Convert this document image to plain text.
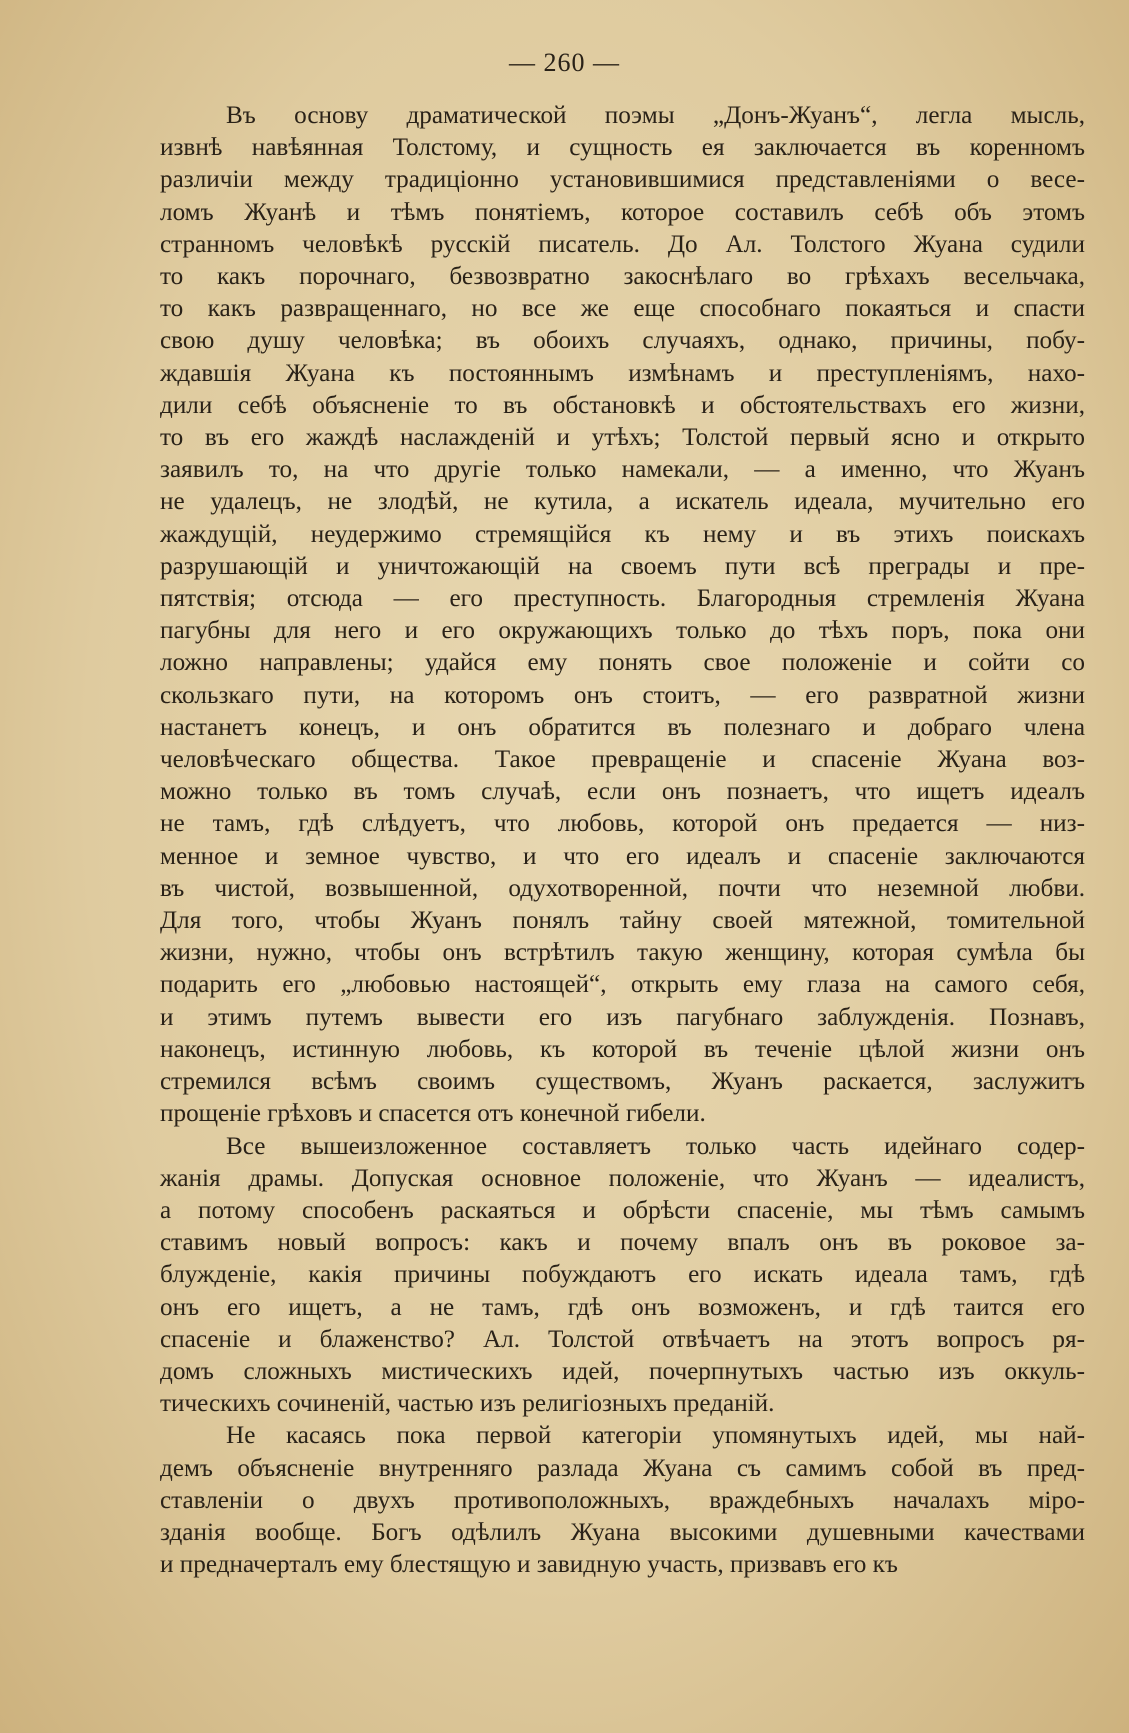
— 260 —
Въ основу драматической поэмы „Донъ-Жуанъ“, легла мысль,
извнѣ навѣянная Толстому, и сущность ея заключается въ коренномъ
различіи между традиціонно установившимися представленіями о весе-
ломъ Жуанѣ и тѣмъ понятіемъ, которое составилъ себѣ объ этомъ
странномъ человѣкѣ русскій писатель. До Ал. Толстого Жуана судили
то какъ порочнаго, безвозвратно закоснѣлаго во грѣхахъ весельчака,
то какъ развращеннаго, но все же еще способнаго покаяться и спасти
свою душу человѣка; въ обоихъ случаяхъ, однако, причины, побу-
ждавшія Жуана къ постояннымъ измѣнамъ и преступленіямъ, нахо-
дили себѣ объясненіе то въ обстановкѣ и обстоятельствахъ его жизни,
то въ его жаждѣ наслажденій и утѣхъ; Толстой первый ясно и открыто
заявилъ то, на что другіе только намекали, — а именно, что Жуанъ
не удалецъ, не злодѣй, не кутила, а искатель идеала, мучительно его
жаждущій, неудержимо стремящійся къ нему и въ этихъ поискахъ
разрушающій и уничтожающій на своемъ пути всѣ преграды и пре-
пятствія; отсюда — его преступность. Благородныя стремленія Жуана
пагубны для него и его окружающихъ только до тѣхъ поръ, пока они
ложно направлены; удайся ему понять свое положеніе и сойти со
скользкаго пути, на которомъ онъ стоитъ, — его развратной жизни
настанетъ конецъ, и онъ обратится въ полезнаго и добраго члена
человѣческаго общества. Такое превращеніе и спасеніе Жуана воз-
можно только въ томъ случаѣ, если онъ познаетъ, что ищетъ идеалъ
не тамъ, гдѣ слѣдуетъ, что любовь, которой онъ предается — низ-
менное и земное чувство, и что его идеалъ и спасеніе заключаются
въ чистой, возвышенной, одухотворенной, почти что неземной любви.
Для того, чтобы Жуанъ понялъ тайну своей мятежной, томительной
жизни, нужно, чтобы онъ встрѣтилъ такую женщину, которая сумѣла бы
подарить его „любовью настоящей“, открыть ему глаза на самого себя,
и этимъ путемъ вывести его изъ пагубнаго заблужденія. Познавъ,
наконецъ, истинную любовь, къ которой въ теченіе цѣлой жизни онъ
стремился всѣмъ своимъ существомъ, Жуанъ раскается, заслужитъ
прощеніе грѣховъ и спасется отъ конечной гибели.
Все вышеизложенное составляетъ только часть идейнаго содер-
жанія драмы. Допуская основное положеніе, что Жуанъ — идеалистъ,
а потому способенъ раскаяться и обрѣсти спасеніе, мы тѣмъ самымъ
ставимъ новый вопросъ: какъ и почему впалъ онъ въ роковое за-
блужденіе, какія причины побуждаютъ его искать идеала тамъ, гдѣ
онъ его ищетъ, а не тамъ, гдѣ онъ возможенъ, и гдѣ таится его
спасеніе и блаженство? Ал. Толстой отвѣчаетъ на этотъ вопросъ ря-
домъ сложныхъ мистическихъ идей, почерпнутыхъ частью изъ оккуль-
тическихъ сочиненій, частью изъ религіозныхъ преданій.
Не касаясь пока первой категоріи упомянутыхъ идей, мы най-
демъ объясненіе внутренняго разлада Жуана съ самимъ собой въ пред-
ставленіи о двухъ противоположныхъ, враждебныхъ началахъ міро-
зданія вообще. Богъ одѣлилъ Жуана высокими душевными качествами
и предначерталъ ему блестящую и завидную участь, призвавъ его къ
